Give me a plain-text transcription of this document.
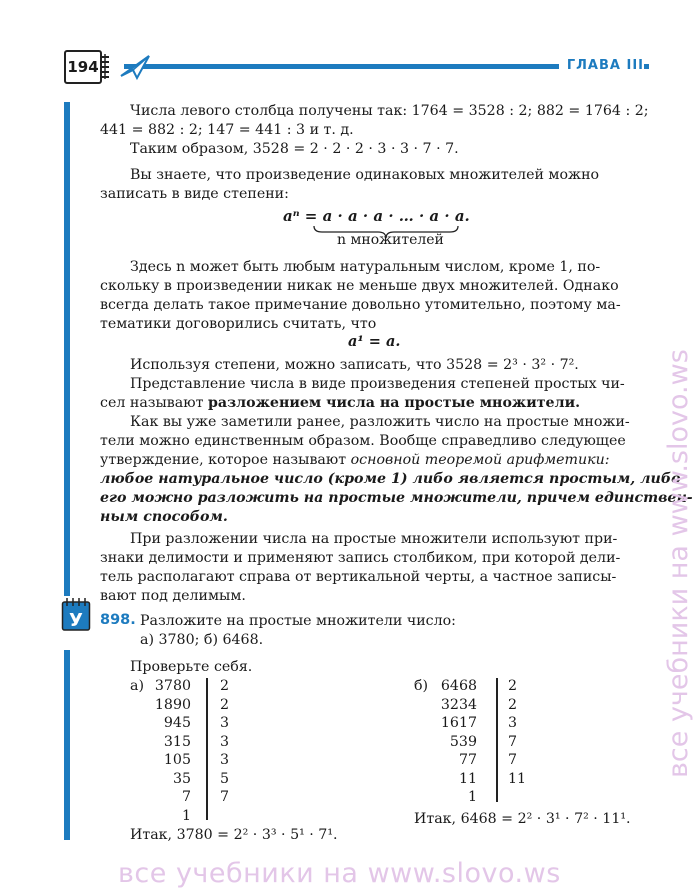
194	ГЛАВА III
Числа левого столбца получены так: 1764 = 3528 : 2; 882 = 1764 : 2;
441 = 882 : 2; 147 = 441 : 3 и т. д.
Таким образом, 3528 = 2 · 2 · 2 · 3 · 3 · 7 · 7.
Вы знаете, что произведение одинаковых множителей можно
записать в виде степени:
aⁿ = a · a · a · … · a · a.
n множителей
Здесь n может быть любым натуральным числом, кроме 1, по-
скольку в произведении никак не меньше двух множителей. Однако
всегда делать такое примечание довольно утомительно, поэтому ма-
тематики договорились считать, что
a¹ = a.
Используя степени, можно записать, что 3528 = 2³ · 3² · 7².
Представление числа в виде произведения степеней простых чи-
сел называют разложением числа на простые множители.
Как вы уже заметили ранее, разложить число на простые множи-
тели можно единственным образом. Вообще справедливо следующее
утверждение, которое называют основной теоремой арифметики:
любое натуральное число (кроме 1) либо является простым, либо
его можно разложить на простые множители, причем единствен-
ным способом.
При разложении числа на простые множители используют при-
знаки делимости и применяют запись столбиком, при которой дели-
тель располагают справа от вертикальной черты, а частное записы-
вают под делимым.
У 898. Разложите на простые множители число:
а) 3780; б) 6468.
Проверьте себя.
а) 3780 2
1890 2
945 3
315 3
105 3
35 5
7 7
1
Итак, 3780 = 2² · 3³ · 5¹ · 7¹.
б) 6468 2
3234 2
1617 3
539 7
77 7
11 11
1
Итак, 6468 = 2² · 3¹ · 7² · 11¹.
все учебники на www.slovo.ws
все учебники на www.slovo.ws
